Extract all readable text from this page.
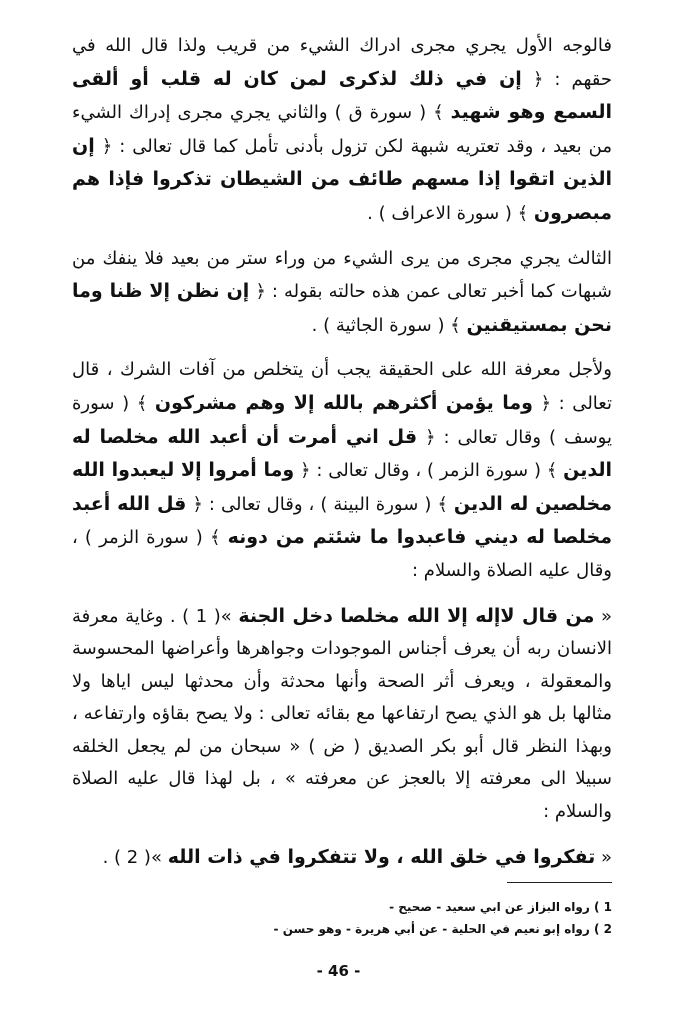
فالوجه الأول يجري مجرى ادراك الشيء من قريب ولذا قال الله في حقهم : ﴿ إن في ذلك لذكرى لمن كان له قلب أو ألقى السمع وهو شهيد ﴾ ( سورة ق ) والثاني يجري مجرى إدراك الشيء من بعيد ، وقد تعتريه شبهة لكن تزول بأدنى تأمل كما قال تعالى : ﴿ إن الذين اتقوا إذا مسهم طائف من الشيطان تذكروا فإذا هم مبصرون ﴾ ( سورة الاعراف ) .

الثالث يجري مجرى من يرى الشيء من وراء ستر من بعيد فلا ينفك من شبهات كما أخبر تعالى عمن هذه حالته بقوله : ﴿ إن نظن إلا ظنا وما نحن بمستيقنين ﴾ ( سورة الجاثية ) .

ولأجل معرفة الله على الحقيقة يجب أن يتخلص من آفات الشرك ، قال تعالى : ﴿ وما يؤمن أكثرهم بالله إلا وهم مشركون ﴾ ( سورة يوسف ) وقال تعالى : ﴿ قل اني أمرت أن أعبد الله مخلصا له الدين ﴾ ( سورة الزمر ) ، وقال تعالى : ﴿ وما أمروا إلا ليعبدوا الله مخلصين له الدين ﴾ ( سورة البينة ) ، وقال تعالى : ﴿ قل الله أعبد مخلصا له ديني فاعبدوا ما شئتم من دونه ﴾ ( سورة الزمر ) ، وقال عليه الصلاة والسلام :

« من قال لاإله إلا الله مخلصا دخل الجنة »( 1 ) . وغاية معرفة الانسان ربه أن يعرف أجناس الموجودات وجواهرها وأعراضها المحسوسة والمعقولة ، ويعرف أثر الصحة وأنها محدثة وأن محدثها ليس اياها ولا مثالها بل هو الذي يصح ارتفاعها مع بقائه تعالى : ولا يصح بقاؤه وارتفاعه ، وبهذا النظر قال أبو بكر الصديق ( ض ) « سبحان من لم يجعل الخلقه سبيلا الى معرفته إلا بالعجز عن معرفته » ، بل لهذا قال عليه الصلاة والسلام :

« تفكروا في خلق الله ، ولا تتفكروا في ذات الله »( 2 ) .

1 ) رواه البزاز عن ابي سعيد - صحيح -

2 ) رواه إبو نعيم في الحلية - عن أبي هريرة - وهو حسن -

- 46 -
